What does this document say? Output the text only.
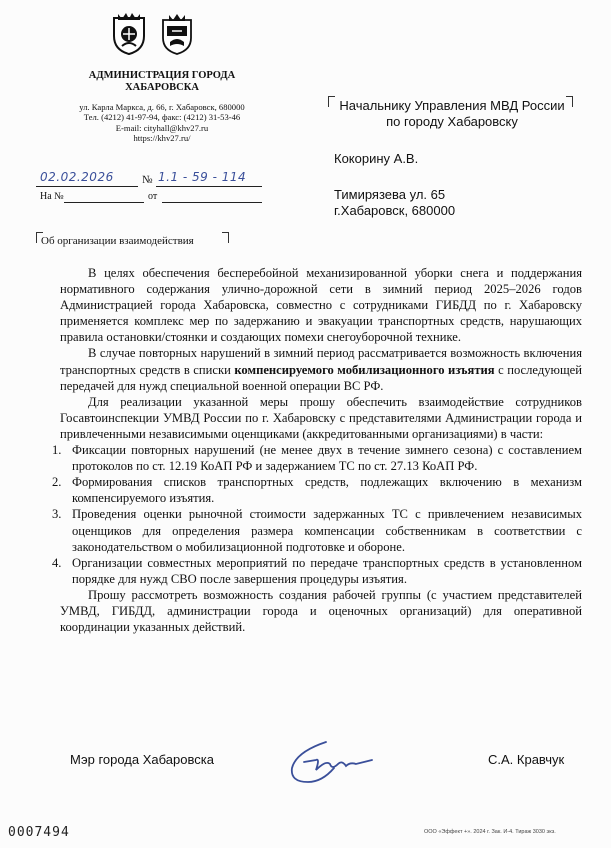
АДМИНИСТРАЦИЯ ГОРОДА
ХАБАРОВСКА
ул. Карла Маркса, д. 66, г. Хабаровск, 680000
Тел. (4212) 41-97-94, факс: (4212) 31-53-46
E-mail: cityhall@khv27.ru
https://khv27.ru/
Начальнику Управления МВД России
по городу Хабаровску
Кокорину А.В.
Тимирязева ул. 65
г.Хабаровск, 680000
02.02.2026	№ 1.1 - 59 - 114
На №	от
Об организации взаимодействия

В целях обеспечения бесперебойной механизированной уборки снега и поддержания нормативного содержания улично-дорожной сети в зимний период 2025–2026 годов Администрацией города Хабаровска, совместно с сотрудниками ГИБДД по г. Хабаровску применяется комплекс мер по задержанию и эвакуации транспортных средств, нарушающих правила остановки/стоянки и создающих помехи снегоуборочной технике.

В случае повторных нарушений в зимний период рассматривается возможность включения транспортных средств в списки компенсируемого мобилизационного изъятия с последующей передачей для нужд специальной военной операции ВС РФ.

Для реализации указанной меры прошу обеспечить взаимодействие сотрудников Госавтоинспекции УМВД России по г. Хабаровску с представителями Администрации города и привлеченными независимыми оценщиками (аккредитованными организациями) в части:

1. Фиксации повторных нарушений (не менее двух в течение зимнего сезона) с составлением протоколов по ст. 12.19 КоАП РФ и задержанием ТС по ст. 27.13 КоАП РФ.
2. Формирования списков транспортных средств, подлежащих включению в механизм компенсируемого изъятия.
3. Проведения оценки рыночной стоимости задержанных ТС с привлечением независимых оценщиков для определения размера компенсации собственникам в соответствии с законодательством о мобилизационной подготовке и обороне.
4. Организации совместных мероприятий по передаче транспортных средств в установленном порядке для нужд СВО после завершения процедуры изъятия.

Прошу рассмотреть возможность создания рабочей группы (с участием представителей УМВД, ГИБДД, администрации города и оценочных организаций) для оперативной координации указанных действий.

Мэр города Хабаровска	С.А. Кравчук
0007494	ООО «Эффект +». 2024 г. Зак. И-4. Тираж 3030 экз.
